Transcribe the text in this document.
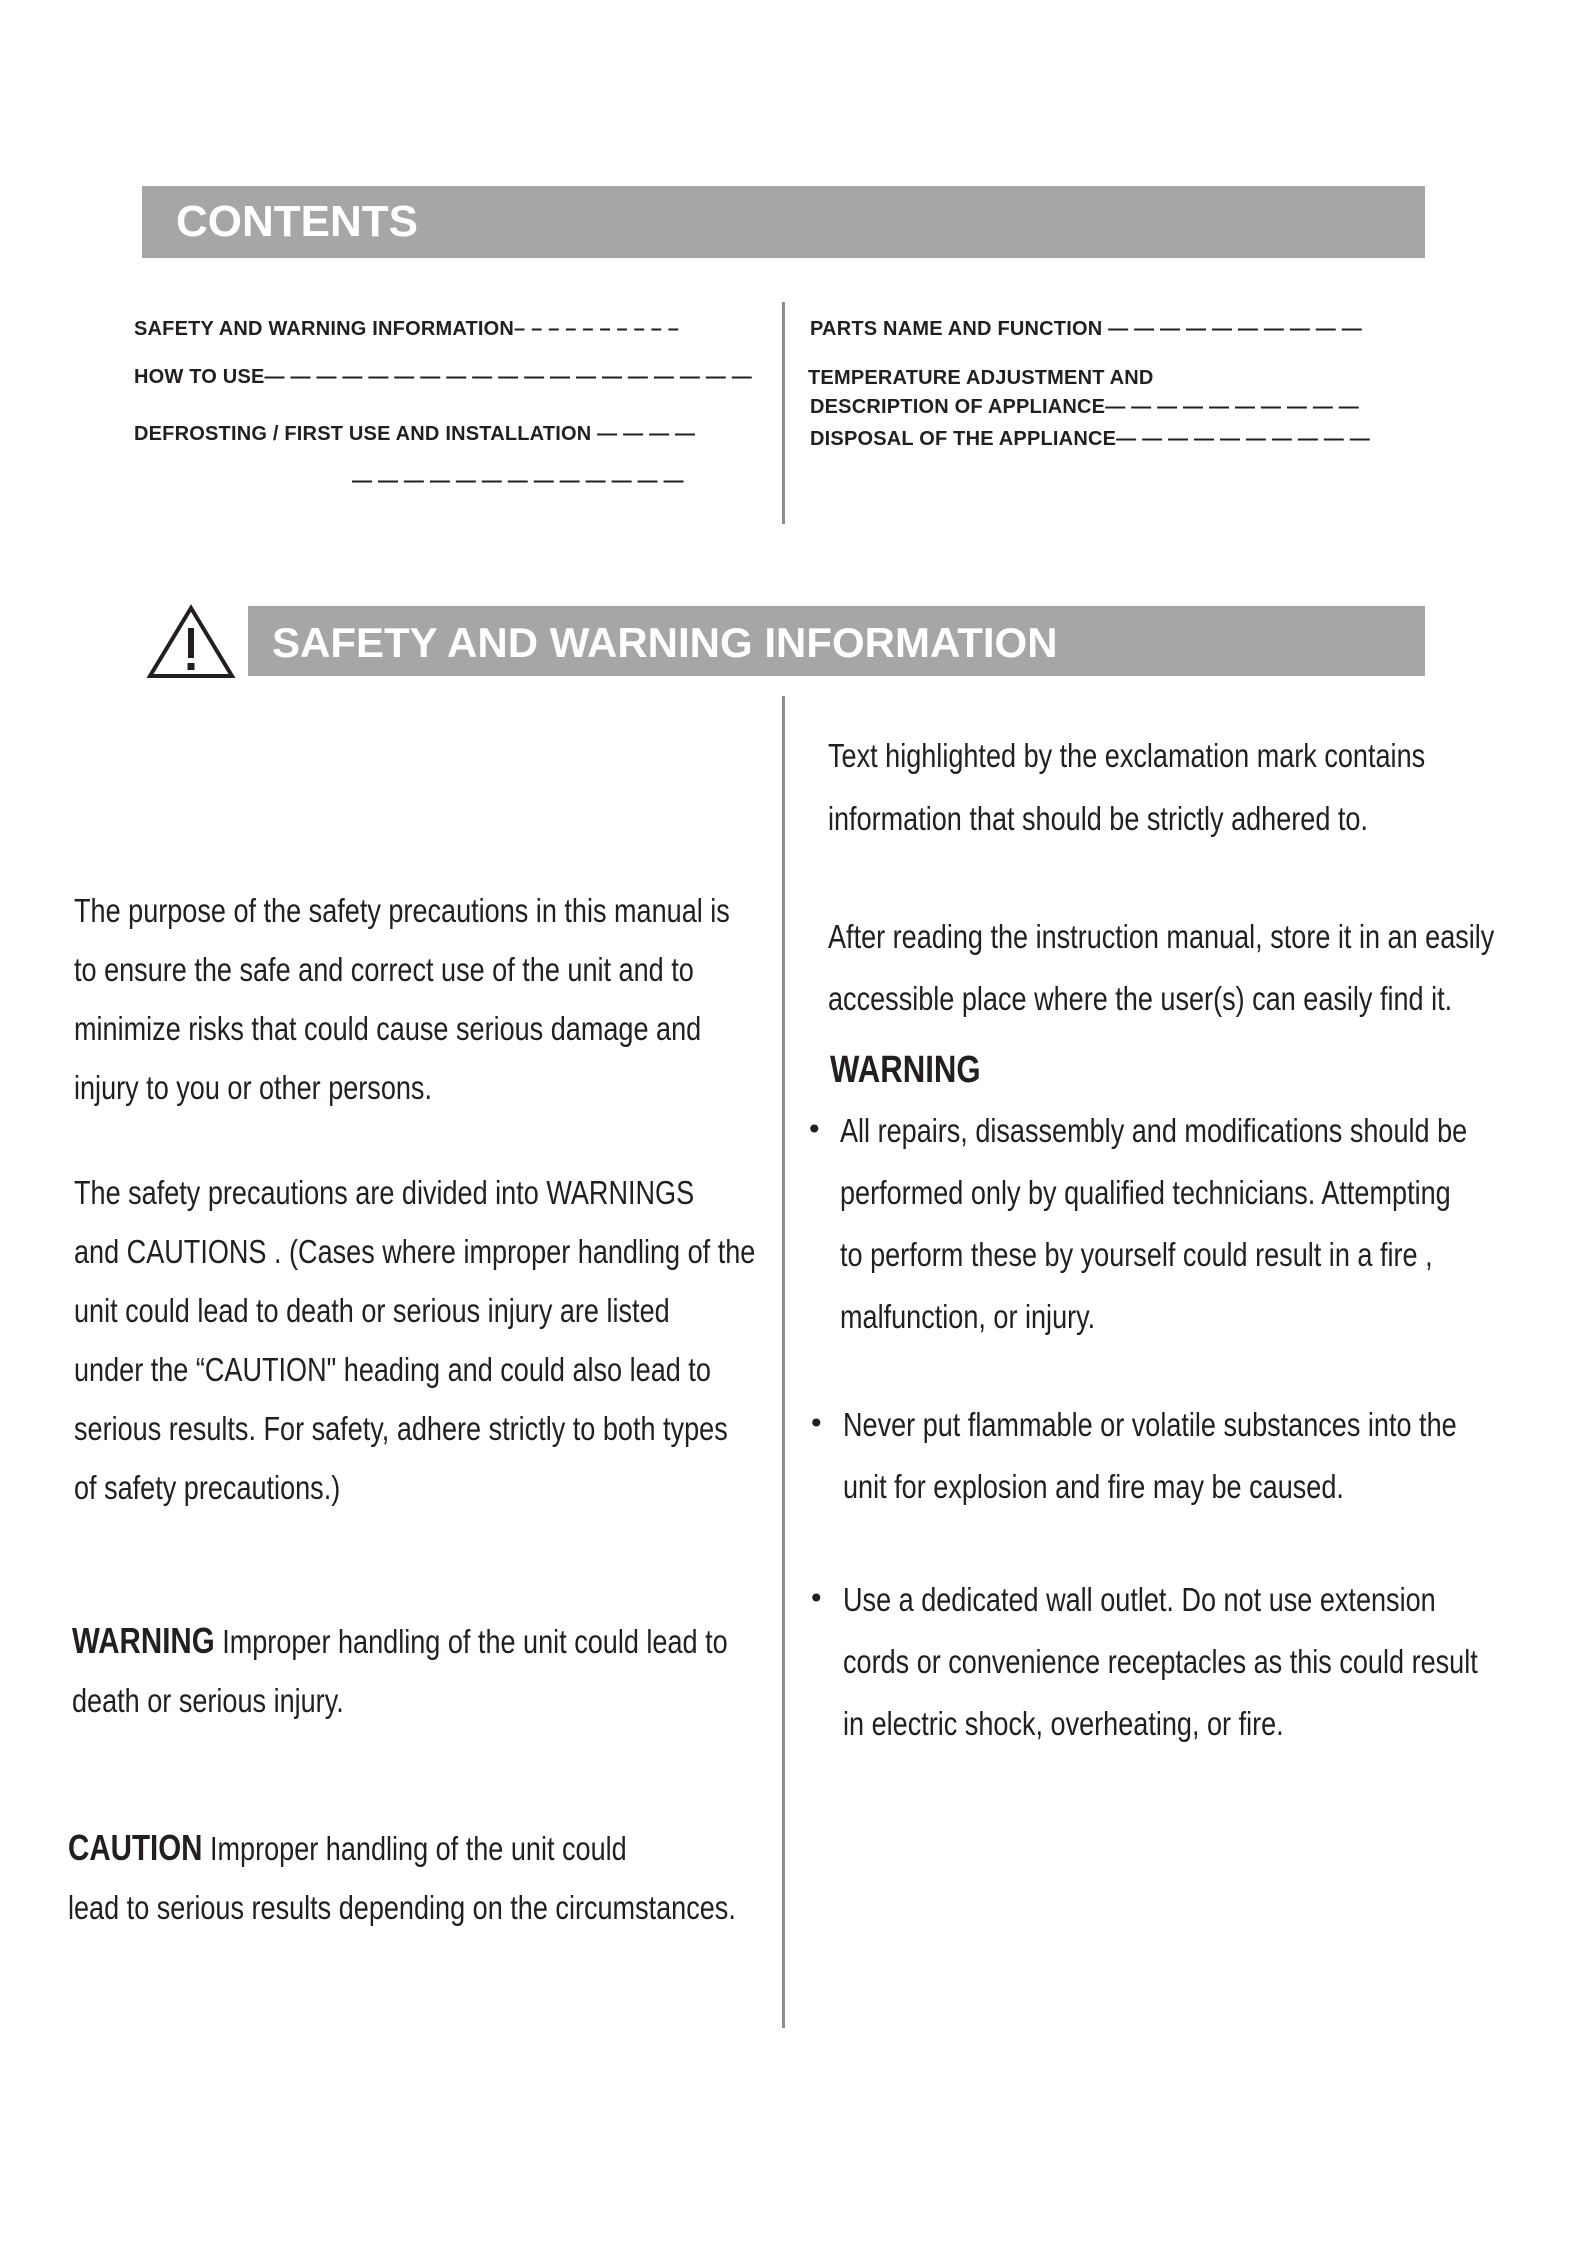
CONTENTS
SAFETY AND WARNING INFORMATION– – – – – – – – – –
HOW TO USE— — — — — — — — — — — — — — — — — — —
DEFROSTING / FIRST USE AND INSTALLATION — — — —
— — — — — — — — — — — — —
PARTS NAME AND FUNCTION — — — — — — — — — —
TEMPERATURE ADJUSTMENT AND
DESCRIPTION OF APPLIANCE— — — — — — — — — —
DISPOSAL OF THE APPLIANCE— — — — — — — — — —
SAFETY AND WARNING INFORMATION
The purpose of the safety precautions in this manual is
to ensure the safe and correct use of the unit and to
minimize risks that could cause serious damage and
injury to you or other persons.
The safety precautions are divided into WARNINGS
and CAUTIONS . (Cases where improper handling of the
unit could lead to death or serious injury are listed
under the “CAUTION" heading and could also lead to
serious results. For safety, adhere strictly to both types
of safety precautions.)
WARNING Improper handling of the unit could lead to
death or serious injury.
CAUTION Improper handling of the unit could
lead to serious results depending on the circumstances.
Text highlighted by the exclamation mark contains
information that should be strictly adhered to.
After reading the instruction manual, store it in an easily
accessible place where the user(s) can easily find it.
WARNING
• All repairs, disassembly and modifications should be
performed only by qualified technicians. Attempting
to perform these by yourself could result in a fire ,
malfunction, or injury.
• Never put flammable or volatile substances into the
unit for explosion and fire may be caused.
• Use a dedicated wall outlet. Do not use extension
cords or convenience receptacles as this could result
in electric shock, overheating, or fire.
